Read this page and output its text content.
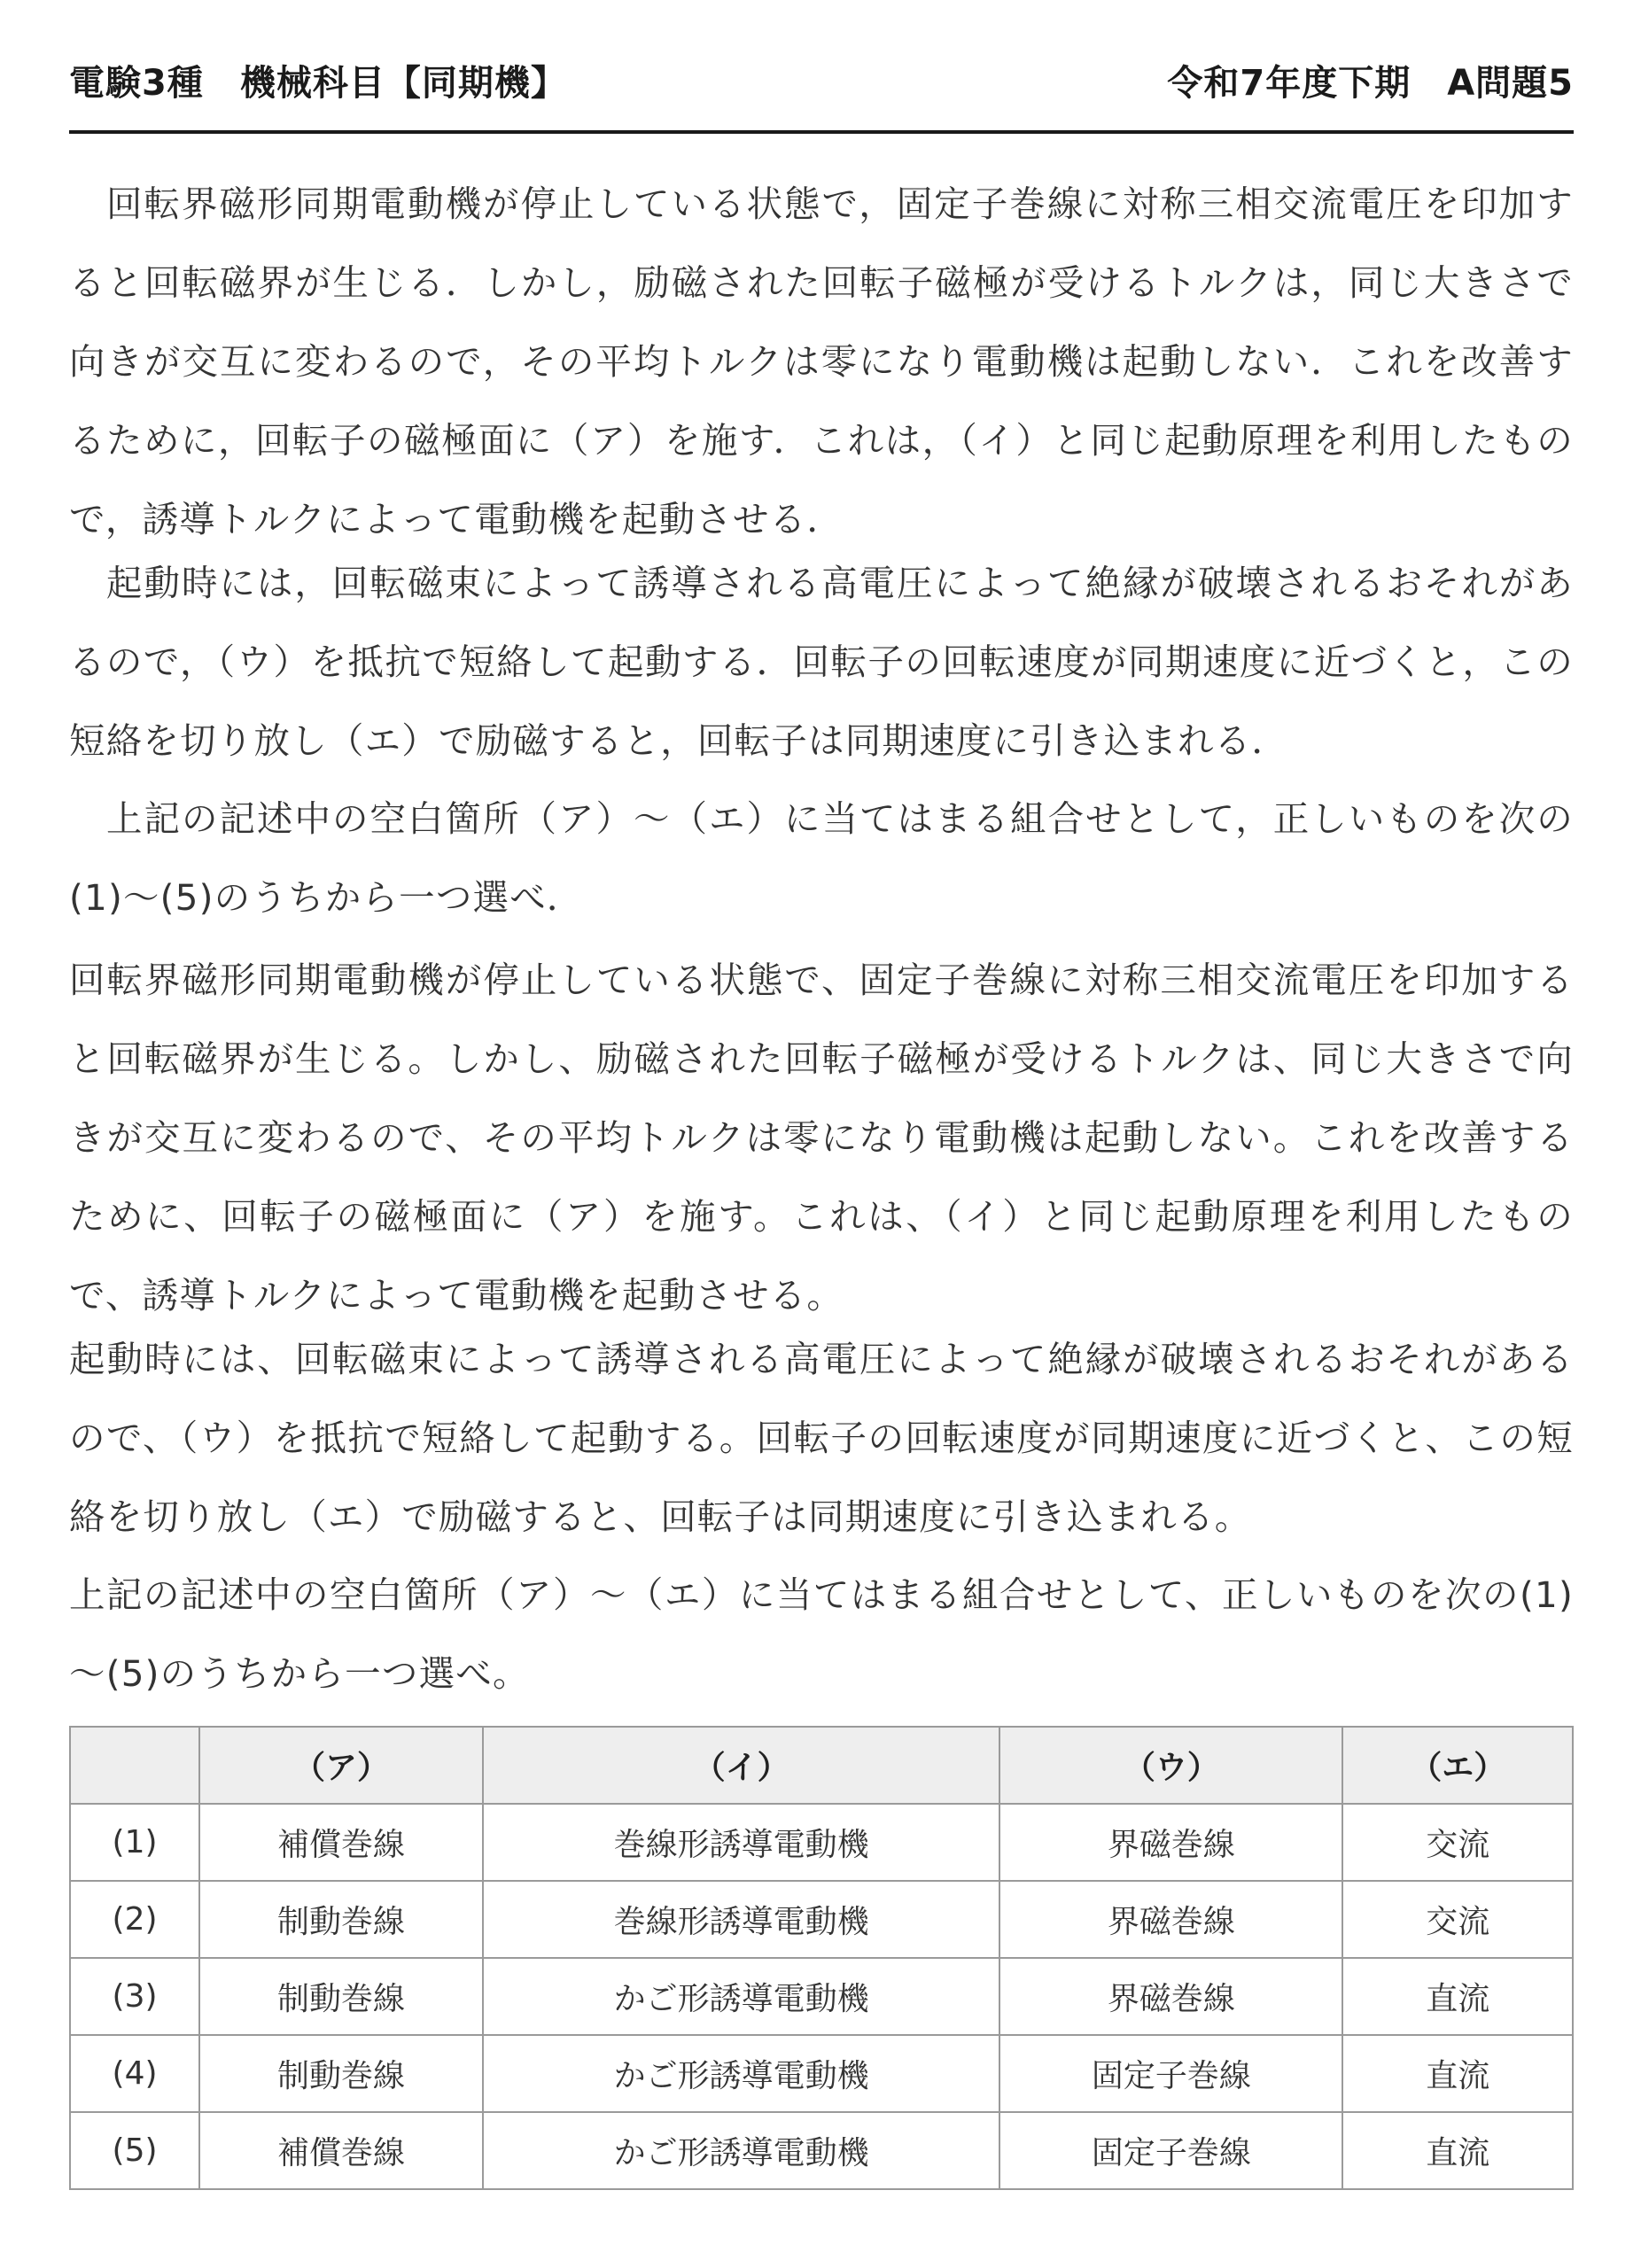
電験3種　機械科目【同期機】	令和7年度下期　A問題5

回転界磁形同期電動機が停止している状態で，固定子巻線に対称三相交流電圧を印加すると回転磁界が生じる．しかし，励磁された回転子磁極が受けるトルクは，同じ大きさで向きが交互に変わるので，その平均トルクは零になり電動機は起動しない．これを改善するために，回転子の磁極面に（ア）を施す．これは，（イ）と同じ起動原理を利用したもので，誘導トルクによって電動機を起動させる．

起動時には，回転磁束によって誘導される高電圧によって絶縁が破壊されるおそれがあるので，（ウ）を抵抗で短絡して起動する．回転子の回転速度が同期速度に近づくと，この短絡を切り放し（エ）で励磁すると，回転子は同期速度に引き込まれる．

上記の記述中の空白箇所（ア）～（エ）に当てはまる組合せとして，正しいものを次の(1)～(5)のうちから一つ選べ．

回転界磁形同期電動機が停止している状態で、固定子巻線に対称三相交流電圧を印加すると回転磁界が生じる。しかし、励磁された回転子磁極が受けるトルクは、同じ大きさで向きが交互に変わるので、その平均トルクは零になり電動機は起動しない。これを改善するために、回転子の磁極面に（ア）を施す。これは、（イ）と同じ起動原理を利用したもので、誘導トルクによって電動機を起動させる。

起動時には、回転磁束によって誘導される高電圧によって絶縁が破壊されるおそれがあるので、（ウ）を抵抗で短絡して起動する。回転子の回転速度が同期速度に近づくと、この短絡を切り放し（エ）で励磁すると、回転子は同期速度に引き込まれる。

上記の記述中の空白箇所（ア）～（エ）に当てはまる組合せとして、正しいものを次の(1)～(5)のうちから一つ選べ。

	（ア）	（イ）	（ウ）	（エ）
(1)	補償巻線	巻線形誘導電動機	界磁巻線	交流
(2)	制動巻線	巻線形誘導電動機	界磁巻線	交流
(3)	制動巻線	かご形誘導電動機	界磁巻線	直流
(4)	制動巻線	かご形誘導電動機	固定子巻線	直流
(5)	補償巻線	かご形誘導電動機	固定子巻線	直流
